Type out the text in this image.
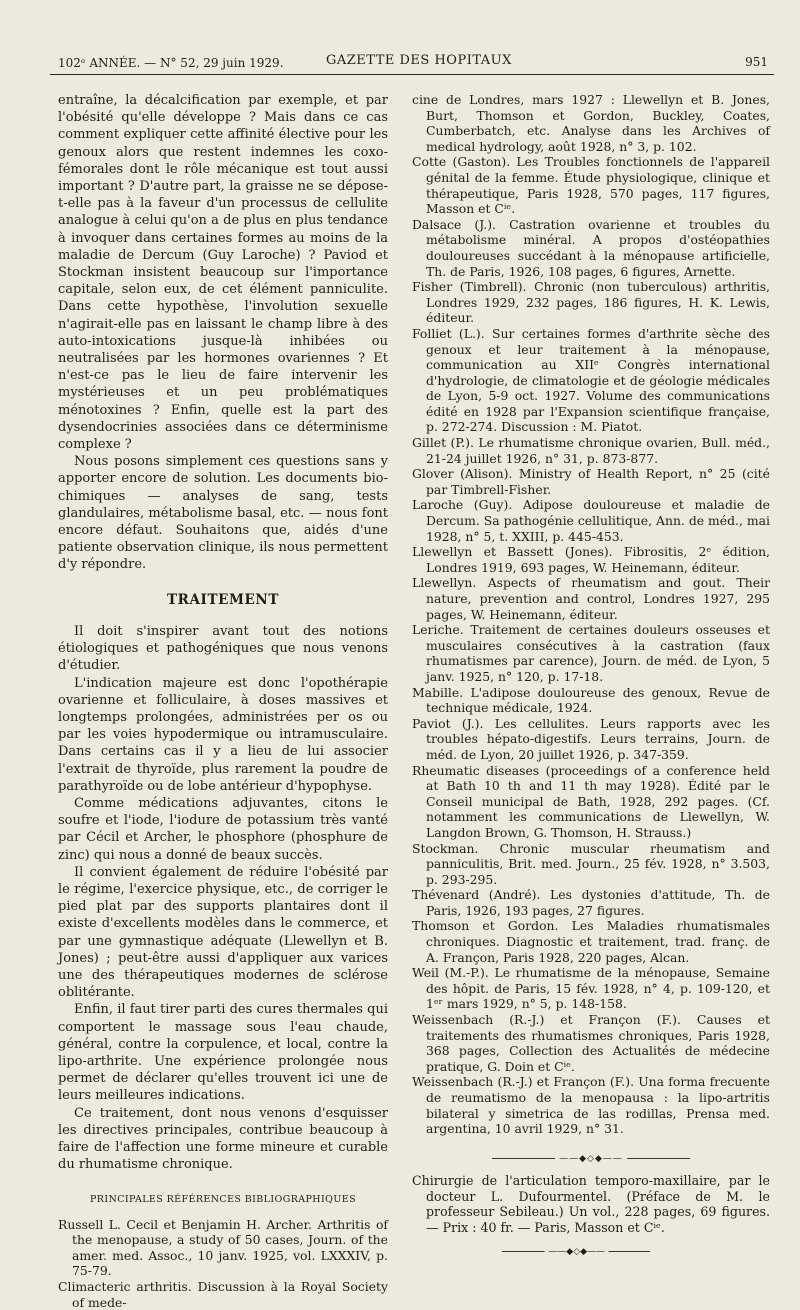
102ᵉ ANNÉE. — N° 52, 29 juin 1929.	GAZETTE DES HOPITAUX	951

entraîne, la décalcification par exemple, et par l'obésité qu'elle développe ? Mais dans ce cas comment expliquer cette affinité élective pour les genoux alors que restent indemnes les coxo-fémorales dont le rôle mécanique est tout aussi important ? D'autre part, la graisse ne se dépose-t-elle pas à la faveur d'un processus de cellulite analogue à celui qu'on a de plus en plus tendance à invoquer dans certaines formes au moins de la maladie de Dercum (Guy Laroche) ? Paviod et Stockman insistent beaucoup sur l'importance capitale, selon eux, de cet élément panniculite. Dans cette hypothèse, l'involution sexuelle n'agirait-elle pas en laissant le champ libre à des auto-intoxications jusque-là inhibées ou neutralisées par les hormones ovariennes ? Et n'est-ce pas le lieu de faire intervenir les mystérieuses et un peu problématiques ménotoxines ? Enfin, quelle est la part des dysendocrinies associées dans ce déterminisme complexe ?

Nous posons simplement ces questions sans y apporter encore de solution. Les documents bio-chimiques — analyses de sang, tests glandulaires, métabolisme basal, etc. — nous font encore défaut. Souhaitons que, aidés d'une patiente observation clinique, ils nous permettent d'y répondre.

TRAITEMENT

Il doit s'inspirer avant tout des notions étiologiques et pathogéniques que nous venons d'étudier.

L'indication majeure est donc l'opothérapie ovarienne et folliculaire, à doses massives et longtemps prolongées, administrées per os ou par les voies hypodermique ou intramusculaire. Dans certains cas il y a lieu de lui associer l'extrait de thyroïde, plus rarement la poudre de parathyroïde ou de lobe antérieur d'hypophyse.

Comme médications adjuvantes, citons le soufre et l'iode, l'iodure de potassium très vanté par Cécil et Archer, le phosphore (phosphure de zinc) qui nous a donné de beaux succès.

Il convient également de réduire l'obésité par le régime, l'exercice physique, etc., de corriger le pied plat par des supports plantaires dont il existe d'excellents modèles dans le commerce, et par une gymnastique adéquate (Llewellyn et B. Jones) ; peut-être aussi d'appliquer aux varices une des thérapeutiques modernes de sclérose oblitérante.

Enfin, il faut tirer parti des cures thermales qui comportent le massage sous l'eau chaude, général, contre la corpulence, et local, contre la lipo-arthrite. Une expérience prolongée nous permet de déclarer qu'elles trouvent ici une de leurs meilleures indications.

Ce traitement, dont nous venons d'esquisser les directives principales, contribue beaucoup à faire de l'affection une forme mineure et curable du rhumatisme chronique.

PRINCIPALES RÉFÉRENCES BIBLIOGRAPHIQUES

Russell L. Cecil et Benjamin H. Archer. Arthritis of the menopause, a study of 50 cases, Journ. of the amer. med. Assoc., 10 janv. 1925, vol. LXXXIV, p. 75-79.

Climacteric arthritis. Discussion à la Royal Society of mede-

cine de Londres, mars 1927 : Llewellyn et B. Jones, Burt, Thomson et Gordon, Buckley, Coates, Cumberbatch, etc. Analyse dans les Archives of medical hydrology, août 1928, n° 3, p. 102.

Cotte (Gaston). Les Troubles fonctionnels de l'appareil génital de la femme. Étude physiologique, clinique et thérapeutique, Paris 1928, 570 pages, 117 figures, Masson et Cⁱᵉ.

Dalsace (J.). Castration ovarienne et troubles du métabolisme minéral. A propos d'ostéopathies douloureuses succédant à la ménopause artificielle, Th. de Paris, 1926, 108 pages, 6 figures, Arnette.

Fisher (Timbrell). Chronic (non tuberculous) arthritis, Londres 1929, 232 pages, 186 figures, H. K. Lewis, éditeur.

Folliet (L.). Sur certaines formes d'arthrite sèche des genoux et leur traitement à la ménopause, communication au XIIᵉ Congrès international d'hydrologie, de climatologie et de géologie médicales de Lyon, 5-9 oct. 1927. Volume des communications édité en 1928 par l'Expansion scientifique française, p. 272-274. Discussion : M. Piatot.

Gillet (P.). Le rhumatisme chronique ovarien, Bull. méd., 21-24 juillet 1926, n° 31, p. 873-877.

Glover (Alison). Ministry of Health Report, n° 25 (cité par Timbrell-Fisher.

Laroche (Guy). Adipose douloureuse et maladie de Dercum. Sa pathogénie cellulitique, Ann. de méd., mai 1928, n° 5, t. XXIII, p. 445-453.

Llewellyn et Bassett (Jones). Fibrositis, 2ᵉ édition, Londres 1919, 693 pages, W. Heinemann, éditeur.

Llewellyn. Aspects of rheumatism and gout. Their nature, prevention and control, Londres 1927, 295 pages, W. Heinemann, éditeur.

Leriche. Traitement de certaines douleurs osseuses et musculaires consécutives à la castration (faux rhumatismes par carence), Journ. de méd. de Lyon, 5 janv. 1925, n° 120, p. 17-18.

Mabille. L'adipose douloureuse des genoux, Revue de technique médicale, 1924.

Paviot (J.). Les cellulites. Leurs rapports avec les troubles hépato-digestifs. Leurs terrains, Journ. de méd. de Lyon, 20 juillet 1926, p. 347-359.

Rheumatic diseases (proceedings of a conference held at Bath 10 th and 11 th may 1928). Édité par le Conseil municipal de Bath, 1928, 292 pages. (Cf. notamment les communications de Llewellyn, W. Langdon Brown, G. Thomson, H. Strauss.)

Stockman. Chronic muscular rheumatism and panniculitis, Brit. med. Journ., 25 fév. 1928, n° 3.503, p. 293-295.

Thévenard (André). Les dystonies d'attitude, Th. de Paris, 1926, 193 pages, 27 figures.

Thomson et Gordon. Les Maladies rhumatismales chroniques. Diagnostic et traitement, trad. franç. de A. Françon, Paris 1928, 220 pages, Alcan.

Weil (M.-P.). Le rhumatisme de la ménopause, Semaine des hôpit. de Paris, 15 fév. 1928, n° 4, p. 109-120, et 1ᵉʳ mars 1929, n° 5, p. 148-158.

Weissenbach (R.-J.) et Françon (F.). Causes et traitements des rhumatismes chroniques, Paris 1928, 368 pages, Collection des Actualités de médecine pratique, G. Doin et Cⁱᵉ.

Weissenbach (R.-J.) et Françon (F.). Una forma frecuente de reumatismo de la menopausa : la lipo-artritis bilateral y simetrica de las rodillas, Prensa med. argentina, 10 avril 1929, n° 31.

——◆◇◆——

Chirurgie de l'articulation temporo-maxillaire, par le docteur L. Dufourmentel. (Préface de M. le professeur Sebileau.) Un vol., 228 pages, 69 figures. — Prix : 40 fr. — Paris, Masson et Cⁱᵉ.

——◆◇◆——
